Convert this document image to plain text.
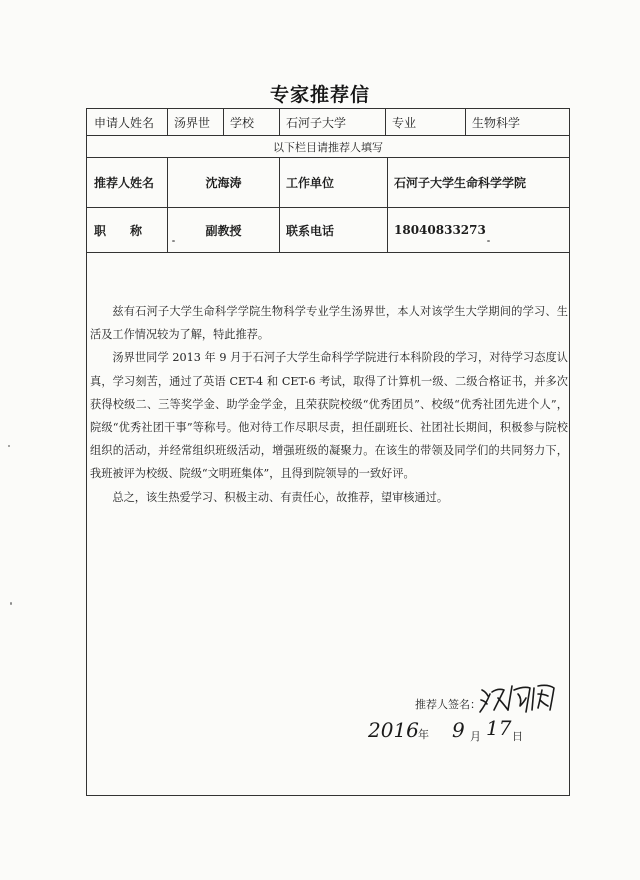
专家推荐信
申请人姓名	汤界世	学校	石河子大学	专业	生物科学
以下栏目请推荐人填写
推荐人姓名	沈海涛	工作单位	石河子大学生命科学学院
职　　称	副教授	联系电话	18040833273

兹有石河子大学生命科学学院生物科学专业学生汤界世，本人对该学生大学期间的学习、生活及工作情况较为了解，特此推荐。

汤界世同学 2013 年 9 月于石河子大学生命科学学院进行本科阶段的学习，对待学习态度认真，学习刻苦，通过了英语 CET-4 和 CET-6 考试，取得了计算机一级、二级合格证书，并多次获得校级二、三等奖学金、助学金学金，且荣获院校级“优秀团员”、校级“优秀社团先进个人”，院级“优秀社团干事”等称号。他对待工作尽职尽责，担任副班长、社团社长期间，积极参与院校组织的活动，并经常组织班级活动，增强班级的凝聚力。在该生的带领及同学们的共同努力下，我班被评为校级、院级“文明班集体”，且得到院领导的一致好评。

总之，该生热爱学习、积极主动、有责任心，故推荐，望审核通过。

推荐人签名：
2016 年 9 月 17 日
